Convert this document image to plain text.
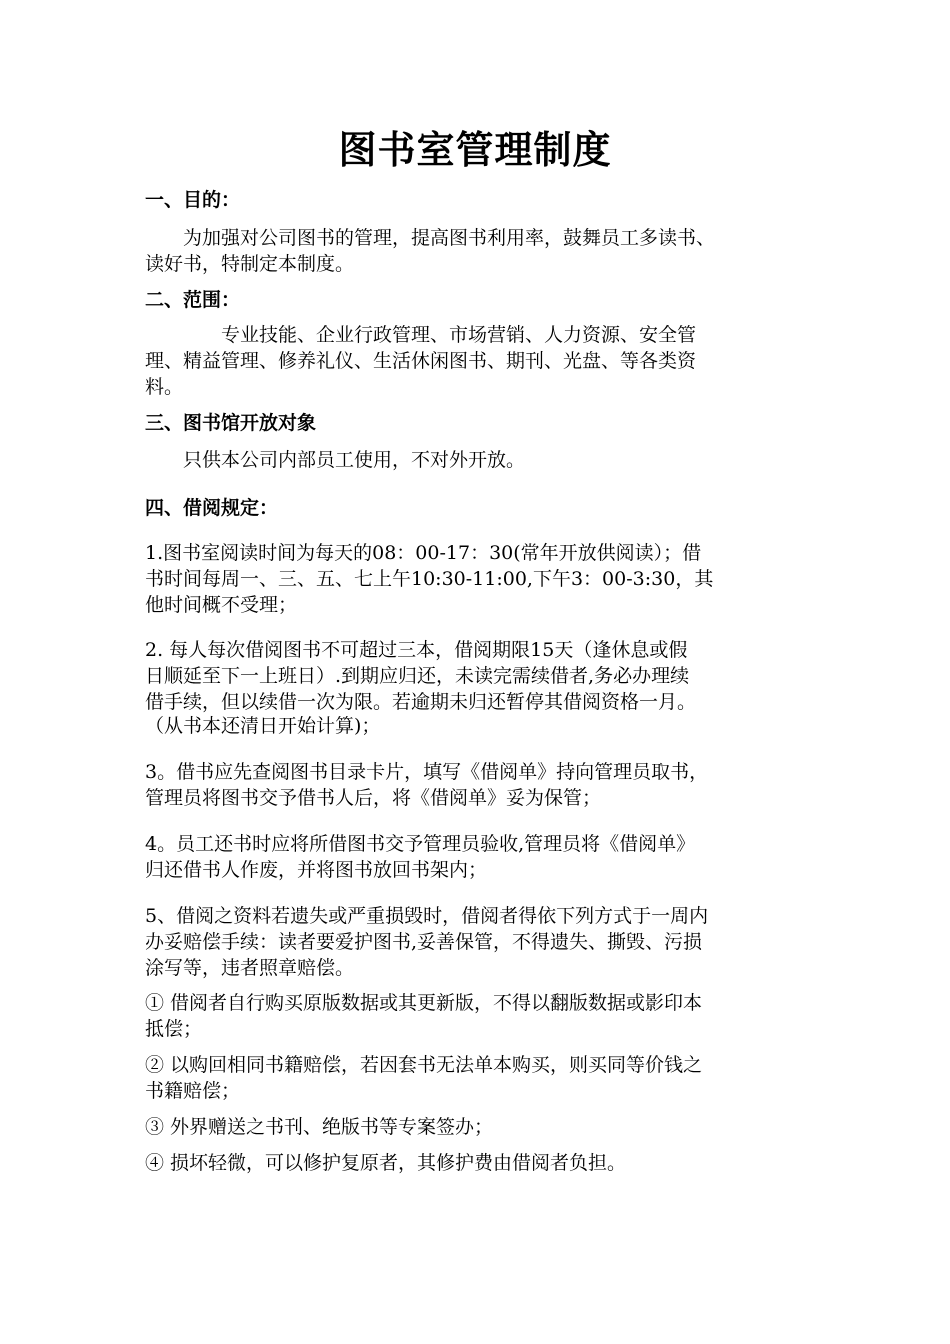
图书室管理制度
一、目的：
　　为加强对公司图书的管理，提高图书利用率，鼓舞员工多读书、
读好书，特制定本制度。
二、范围：
　　　　专业技能、企业行政管理、市场营销、人力资源、安全管
理、精益管理、修养礼仪、生活休闲图书、期刊、光盘、等各类资
料。
三、图书馆开放对象
　　只供本公司内部员工使用，不对外开放。
四、借阅规定：
1.图书室阅读时间为每天的08：00-17：30(常年开放供阅读）；借
书时间每周一、三、五、七上午10:30-11:00,下午3：00-3:30，其
他时间概不受理；
2. 每人每次借阅图书不可超过三本，借阅期限15天（逢休息或假
日顺延至下一上班日）.到期应归还，未读完需续借者,务必办理续
借手续，但以续借一次为限。若逾期未归还暂停其借阅资格一月。
（从书本还清日开始计算)；
3。借书应先查阅图书目录卡片，填写《借阅单》持向管理员取书，
管理员将图书交予借书人后，将《借阅单》妥为保管；
4。员工还书时应将所借图书交予管理员验收,管理员将《借阅单》
归还借书人作废，并将图书放回书架内；
5、借阅之资料若遗失或严重损毁时，借阅者得依下列方式于一周内
办妥赔偿手续：读者要爱护图书,妥善保管，不得遗失、撕毁、污损
涂写等，违者照章赔偿。
① 借阅者自行购买原版数据或其更新版，不得以翻版数据或影印本
抵偿；
② 以购回相同书籍赔偿，若因套书无法单本购买，则买同等价钱之
书籍赔偿；
③ 外界赠送之书刊、绝版书等专案签办；
④ 损坏轻微，可以修护复原者，其修护费由借阅者负担。
